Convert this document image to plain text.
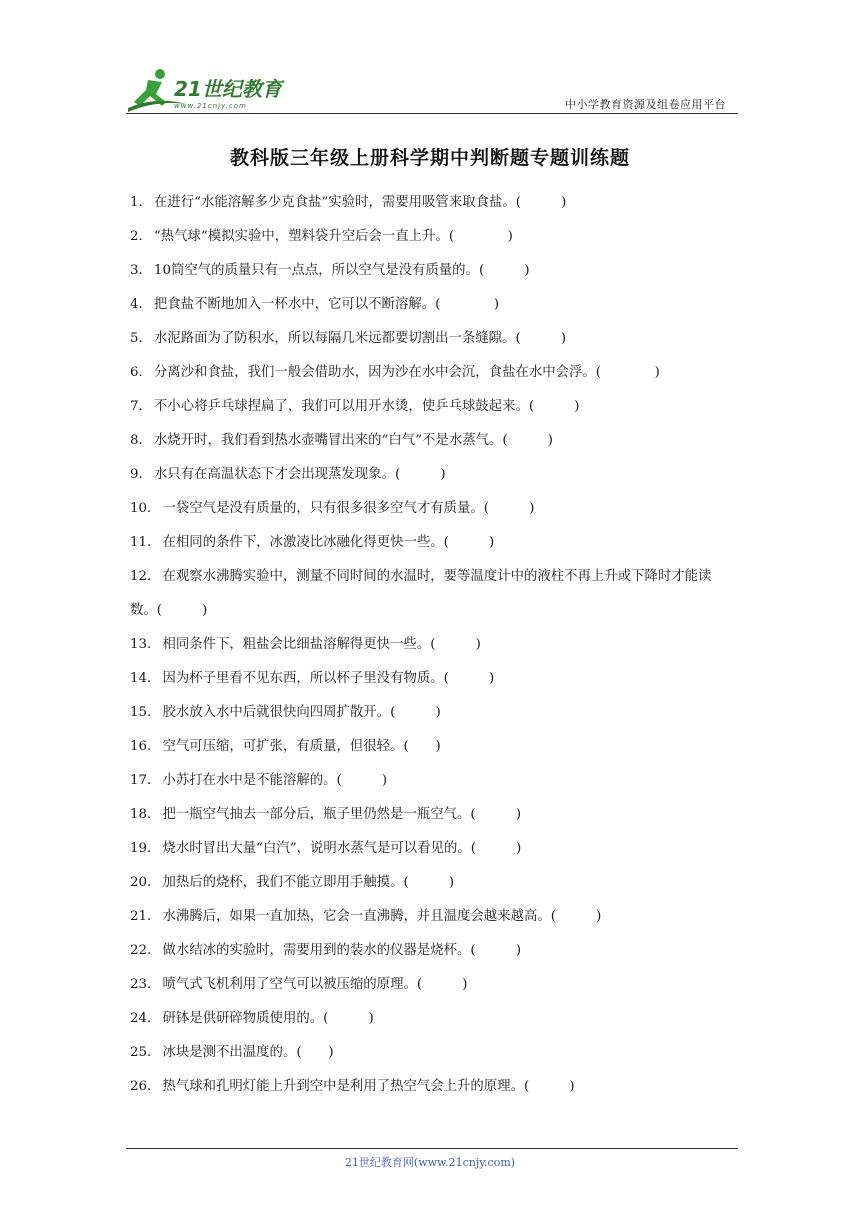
21世纪教育
www.21cnjy.com	中小学教育资源及组卷应用平台
教科版三年级上册科学期中判断题专题训练题
1． 在进行“水能溶解多少克食盐”实验时，需要用吸管来取食盐。(　　　)
2． “热气球”模拟实验中，塑料袋升空后会一直上升。(　　　　)
3． 10筒空气的质量只有一点点，所以空气是没有质量的。(　　　)
4． 把食盐不断地加入一杯水中，它可以不断溶解。(　　　　)
5． 水泥路面为了防积水，所以每隔几米远都要切割出一条缝隙。(　　　)
6． 分离沙和食盐，我们一般会借助水，因为沙在水中会沉，食盐在水中会浮。(　　　　)
7． 不小心将乒乓球捏扁了，我们可以用开水烫，使乒乓球鼓起来。(　　　)
8． 水烧开时，我们看到热水壶嘴冒出来的“白气”不是水蒸气。(　　　)
9． 水只有在高温状态下才会出现蒸发现象。(　　　)
10． 一袋空气是没有质量的，只有很多很多空气才有质量。(　　　)
11． 在相同的条件下，冰激凌比冰融化得更快一些。(　　　)
12． 在观察水沸腾实验中，测量不同时间的水温时，要等温度计中的液柱不再上升或下降时才能读数。(　　　)
13． 相同条件下，粗盐会比细盐溶解得更快一些。(　　　)
14． 因为杯子里看不见东西，所以杯子里没有物质。(　　　)
15． 胶水放入水中后就很快向四周扩散开。(　　　)
16． 空气可压缩，可扩张，有质量，但很轻。(　　)
17． 小苏打在水中是不能溶解的。(　　　)
18． 把一瓶空气抽去一部分后，瓶子里仍然是一瓶空气。(　　　)
19． 烧水时冒出大量“白汽”，说明水蒸气是可以看见的。(　　　)
20． 加热后的烧杯，我们不能立即用手触摸。(　　　)
21． 水沸腾后，如果一直加热，它会一直沸腾，并且温度会越来越高。(　　　)
22． 做水结冰的实验时，需要用到的装水的仪器是烧杯。(　　　)
23． 喷气式飞机利用了空气可以被压缩的原理。(　　　)
24． 研钵是供研碎物质使用的。(　　　)
25． 冰块是测不出温度的。(　　)
26． 热气球和孔明灯能上升到空中是利用了热空气会上升的原理。(　　　)
21世纪教育网(www.21cnjy.com)
